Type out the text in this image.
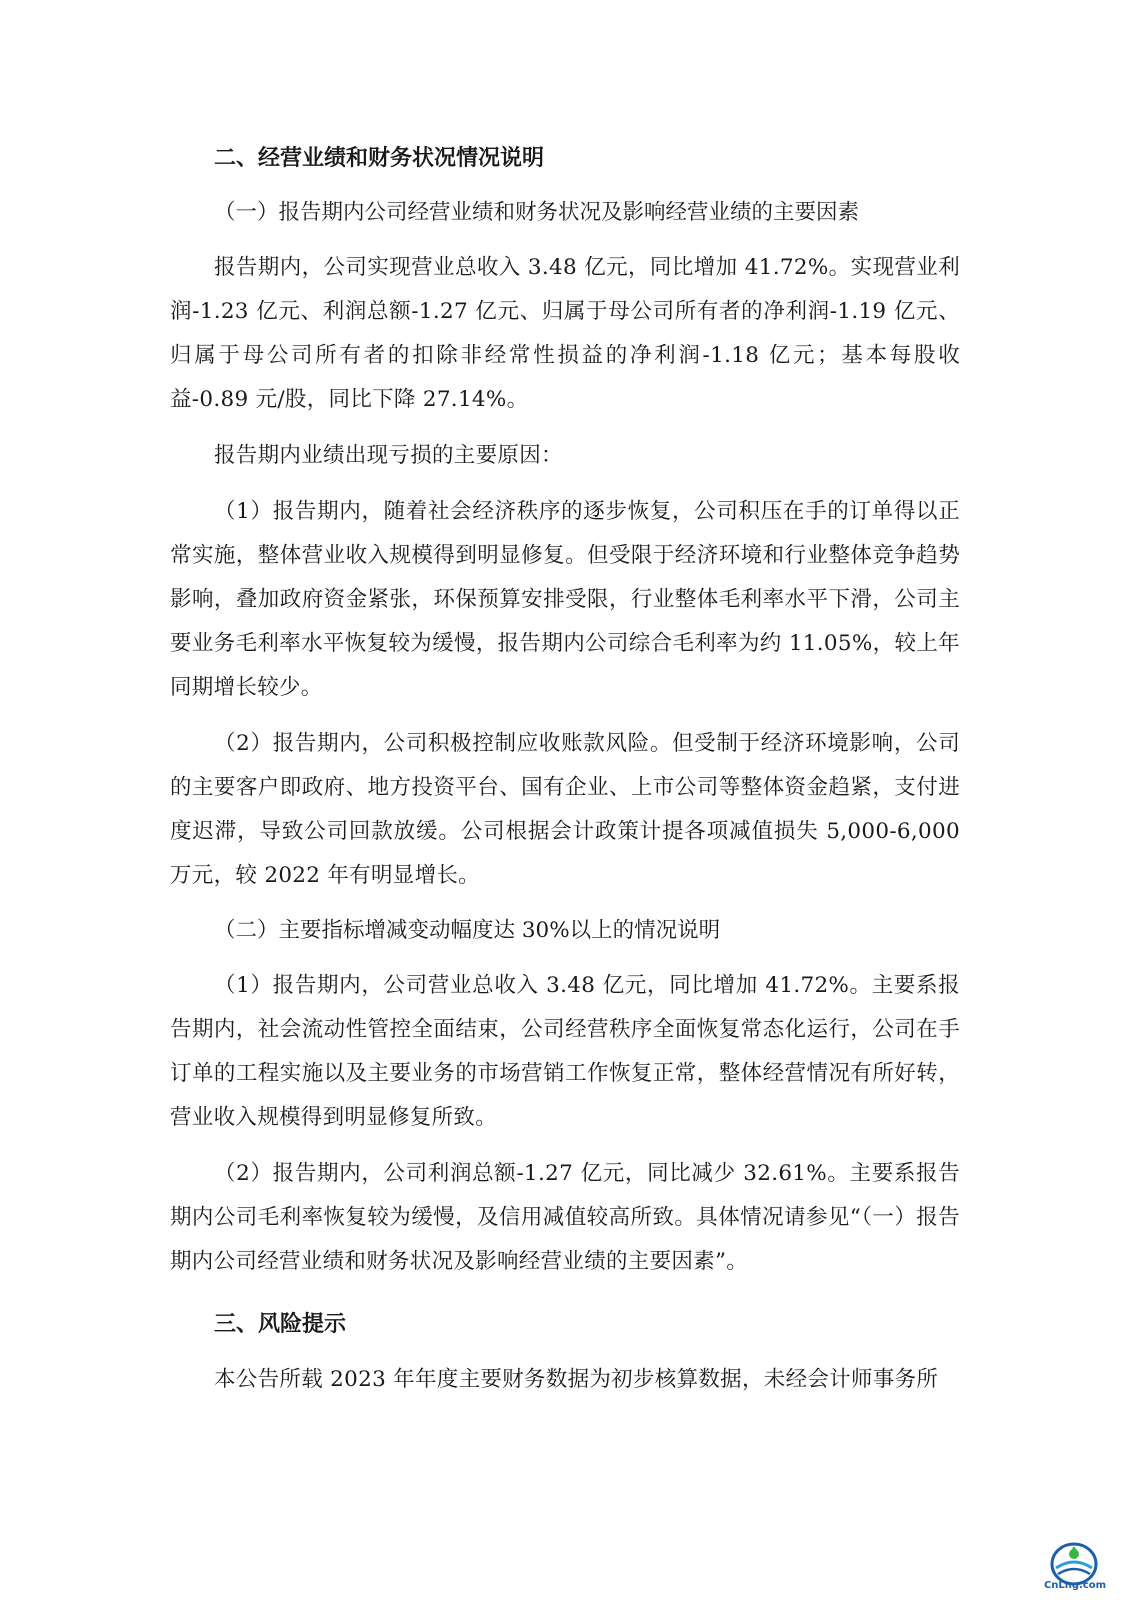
二、经营业绩和财务状况情况说明

（一）报告期内公司经营业绩和财务状况及影响经营业绩的主要因素

报告期内，公司实现营业总收入 3.48 亿元，同比增加 41.72%。实现营业利润-1.23 亿元、利润总额-1.27 亿元、归属于母公司所有者的净利润-1.19 亿元、归属于母公司所有者的扣除非经常性损益的净利润-1.18 亿元；基本每股收益-0.89 元/股，同比下降 27.14%。

报告期内业绩出现亏损的主要原因：

（1）报告期内，随着社会经济秩序的逐步恢复，公司积压在手的订单得以正常实施，整体营业收入规模得到明显修复。但受限于经济环境和行业整体竞争趋势影响，叠加政府资金紧张，环保预算安排受限，行业整体毛利率水平下滑，公司主要业务毛利率水平恢复较为缓慢，报告期内公司综合毛利率为约 11.05%，较上年同期增长较少。

（2）报告期内，公司积极控制应收账款风险。但受制于经济环境影响，公司的主要客户即政府、地方投资平台、国有企业、上市公司等整体资金趋紧，支付进度迟滞，导致公司回款放缓。公司根据会计政策计提各项减值损失 5,000-6,000 万元，较 2022 年有明显增长。

（二）主要指标增减变动幅度达 30%以上的情况说明

（1）报告期内，公司营业总收入 3.48 亿元，同比增加 41.72%。主要系报告期内，社会流动性管控全面结束，公司经营秩序全面恢复常态化运行，公司在手订单的工程实施以及主要业务的市场营销工作恢复正常，整体经营情况有所好转，营业收入规模得到明显修复所致。

（2）报告期内，公司利润总额-1.27 亿元，同比减少 32.61%。主要系报告期内公司毛利率恢复较为缓慢，及信用减值较高所致。具体情况请参见“（一）报告期内公司经营业绩和财务状况及影响经营业绩的主要因素”。

三、风险提示

本公告所载 2023 年年度主要财务数据为初步核算数据，未经会计师事务所

CnLng.com
